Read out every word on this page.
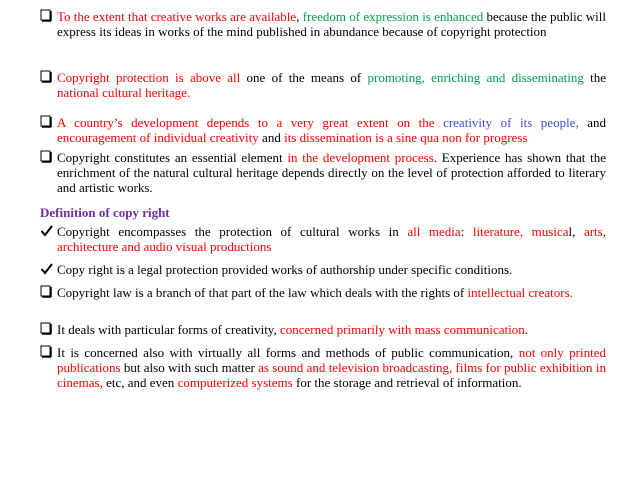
To the extent that creative works are available, freedom of expression is enhanced because the public will express its ideas in works of the mind published in abundance because of copyright protection
Copyright protection is above all one of the means of promoting, enriching and disseminating the national cultural heritage.
A country’s development depends to a very great extent on the creativity of its people, and encouragement of individual creativity and its dissemination is a sine qua non for progress
Copyright constitutes an essential element in the development process. Experience has shown that the enrichment of the natural cultural heritage depends directly on the level of protection afforded to literary and artistic works.
Definition of copy right
Copyright encompasses the protection of cultural works in all media: literature, musical, arts, architecture and audio visual productions
Copy right is a legal protection provided works of authorship under specific conditions.
Copyright law is a branch of that part of the law which deals with the rights of intellectual creators.
It deals with particular forms of creativity, concerned primarily with mass communication.
It is concerned also with virtually all forms and methods of public communication, not only printed publications but also with such matter as sound and television broadcasting, films for public exhibition in cinemas, etc, and even computerized systems for the storage and retrieval of information.
